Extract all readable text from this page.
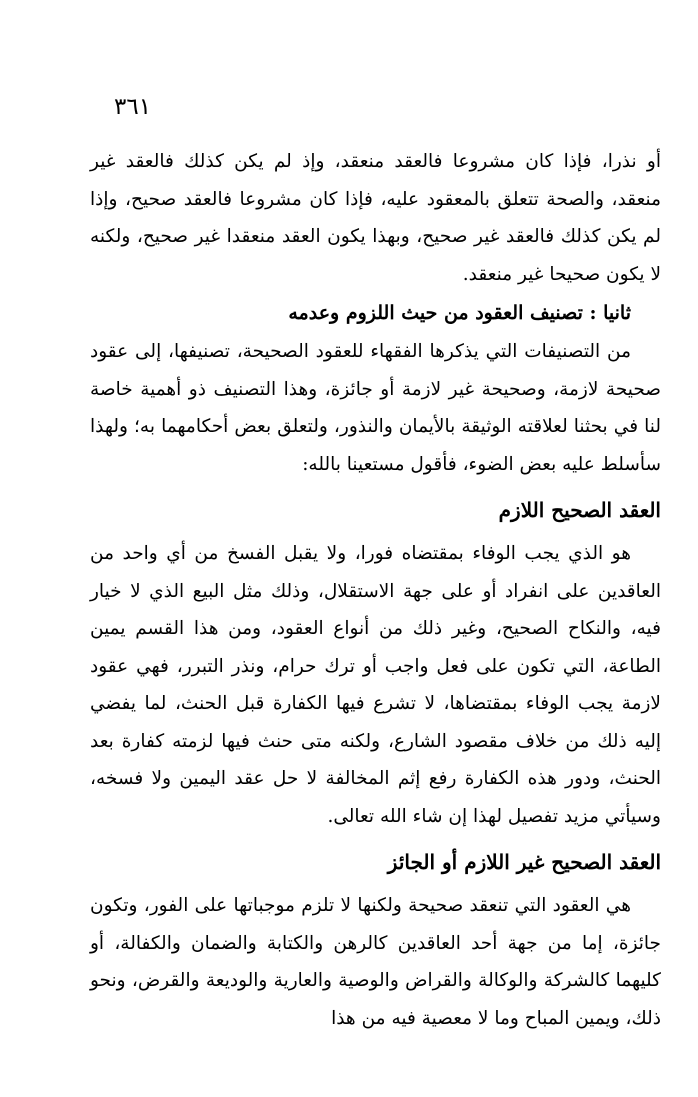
٣٦١

أو نذرا، فإذا كان مشروعا فالعقد منعقد، وإذ لم يكن كذلك فالعقد غير منعقد، والصحة تتعلق بالمعقود عليه، فإذا كان مشروعا فالعقد صحيح، وإذا لم يكن كذلك فالعقد غير صحيح، وبهذا يكون العقد منعقدا غير صحيح، ولكنه لا يكون صحيحا غير منعقد.

ثانيا : تصنيف العقود من حيث اللزوم وعدمه

من التصنيفات التي يذكرها الفقهاء للعقود الصحيحة، تصنيفها، إلى عقود صحيحة لازمة، وصحيحة غير لازمة أو جائزة، وهذا التصنيف ذو أهمية خاصة لنا في بحثنا لعلاقته الوثيقة بالأيمان والنذور، ولتعلق بعض أحكامهما به؛ ولهذا سأسلط عليه بعض الضوء، فأقول مستعينا بالله:

العقد الصحيح اللازم

هو الذي يجب الوفاء بمقتضاه فورا، ولا يقبل الفسخ من أي واحد من العاقدين على انفراد أو على جهة الاستقلال، وذلك مثل البيع الذي لا خيار فيه، والنكاح الصحيح، وغير ذلك من أنواع العقود، ومن هذا القسم يمين الطاعة، التي تكون على فعل واجب أو ترك حرام، ونذر التبرر، فهي عقود لازمة يجب الوفاء بمقتضاها، لا تشرع فيها الكفارة قبل الحنث، لما يفضي إليه ذلك من خلاف مقصود الشارع، ولكنه متى حنث فيها لزمته كفارة بعد الحنث، ودور هذه الكفارة رفع إثم المخالفة لا حل عقد اليمين ولا فسخه، وسيأتي مزيد تفصيل لهذا إن شاء الله تعالى.

العقد الصحيح غير اللازم أو الجائز

هي العقود التي تنعقد صحيحة ولكنها لا تلزم موجباتها على الفور، وتكون جائزة، إما من جهة أحد العاقدين كالرهن والكتابة والضمان والكفالة، أو كليهما كالشركة والوكالة والقراض والوصية والعارية والوديعة والقرض، ونحو ذلك، ويمين المباح وما لا معصية فيه من هذا
